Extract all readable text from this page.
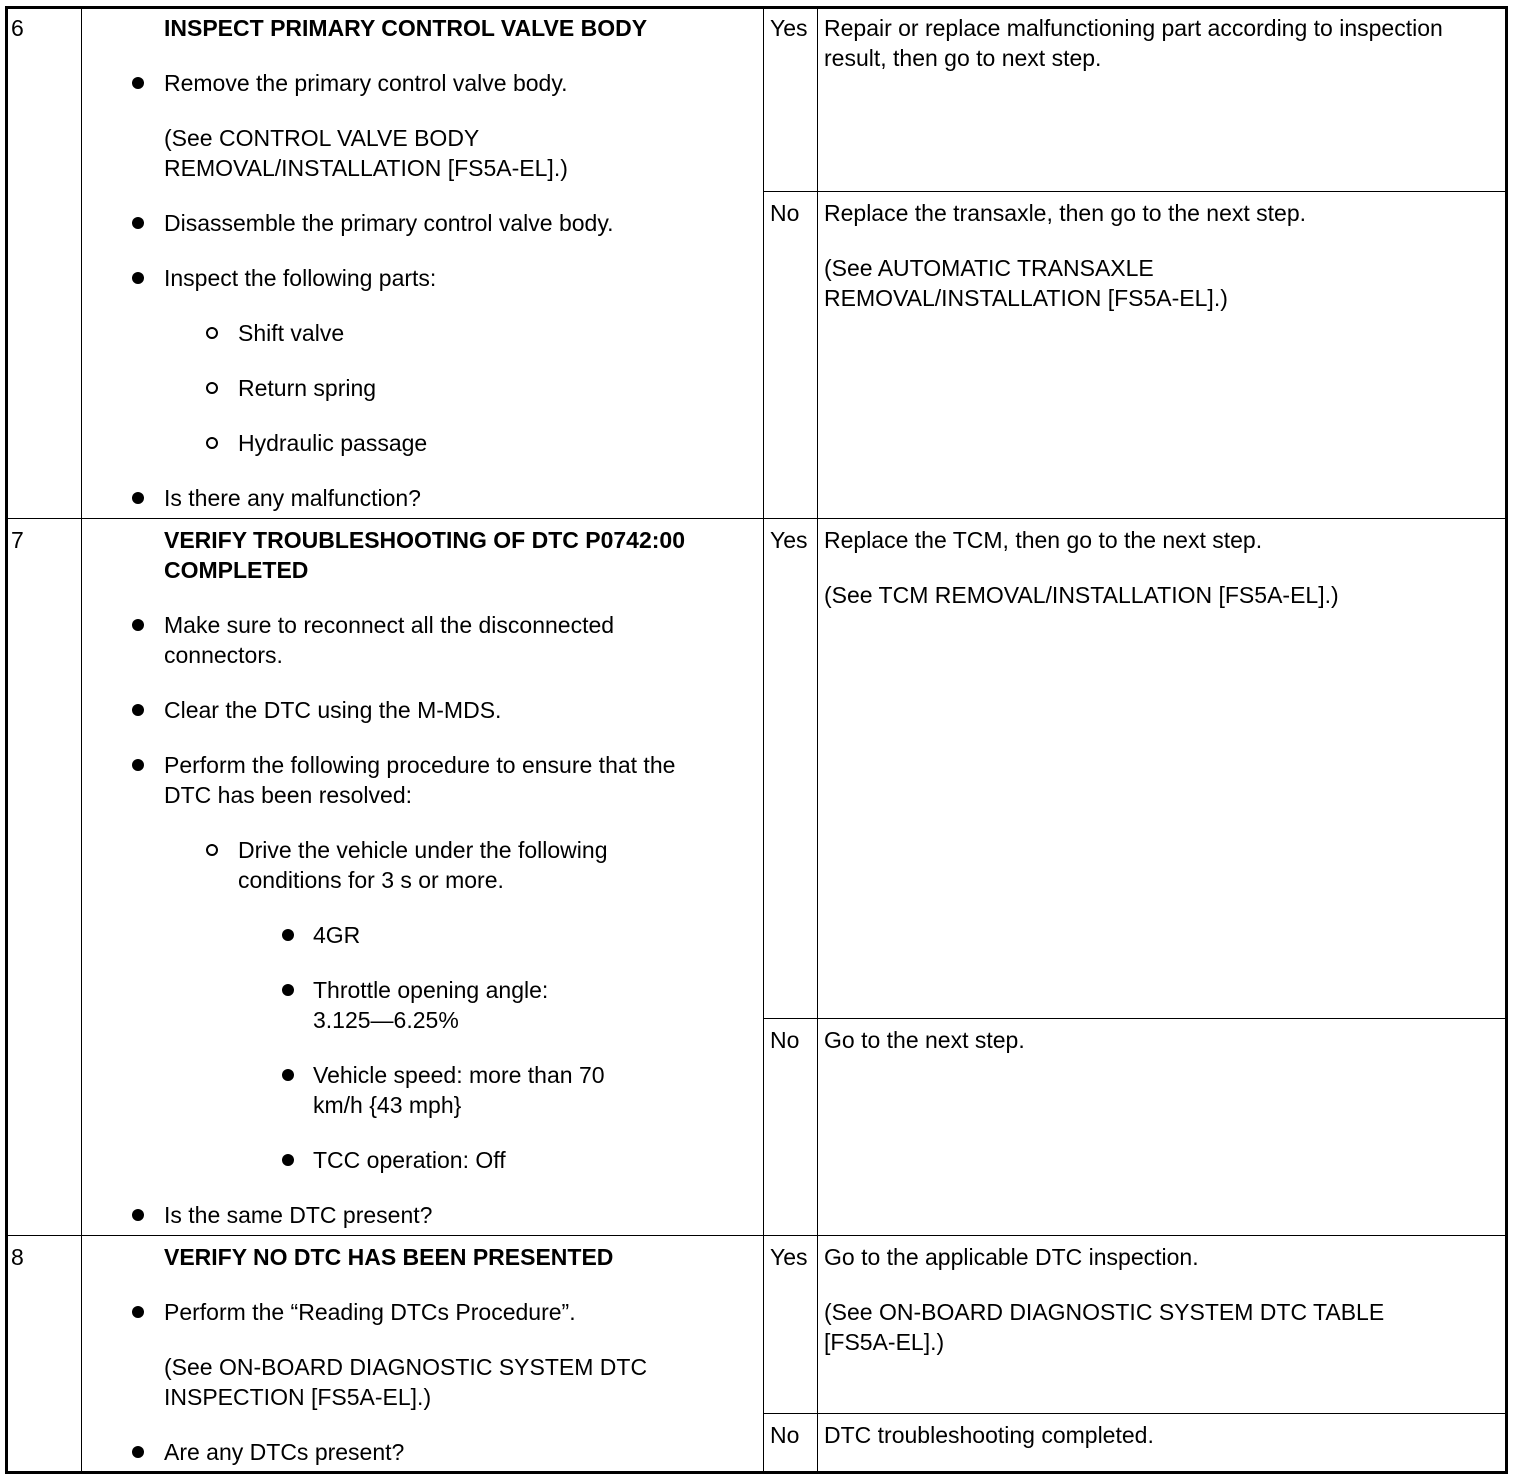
6	INSPECT PRIMARY CONTROL VALVE BODY
Remove the primary control valve body.
(See CONTROL VALVE BODY
REMOVAL/INSTALLATION [FS5A-EL].)
Disassemble the primary control valve body.
Inspect the following parts:
Shift valve
Return spring
Hydraulic passage
Is there any malfunction?
Yes Repair or replace malfunctioning part according to inspection
result, then go to next step.
No Replace the transaxle, then go to the next step.
(See AUTOMATIC TRANSAXLE
REMOVAL/INSTALLATION [FS5A-EL].)
7	VERIFY TROUBLESHOOTING OF DTC P0742:00
COMPLETED
Make sure to reconnect all the disconnected
connectors.
Clear the DTC using the M-MDS.
Perform the following procedure to ensure that the
DTC has been resolved:
Drive the vehicle under the following
conditions for 3 s or more.
4GR
Throttle opening angle:
3.125—6.25%
Vehicle speed: more than 70
km/h {43 mph}
TCC operation: Off
Is the same DTC present?
Yes Replace the TCM, then go to the next step.
(See TCM REMOVAL/INSTALLATION [FS5A-EL].)
No Go to the next step.
8	VERIFY NO DTC HAS BEEN PRESENTED
Perform the “Reading DTCs Procedure”.
(See ON-BOARD DIAGNOSTIC SYSTEM DTC
INSPECTION [FS5A-EL].)
Are any DTCs present?
Yes Go to the applicable DTC inspection.
(See ON-BOARD DIAGNOSTIC SYSTEM DTC TABLE
[FS5A-EL].)
No DTC troubleshooting completed.
